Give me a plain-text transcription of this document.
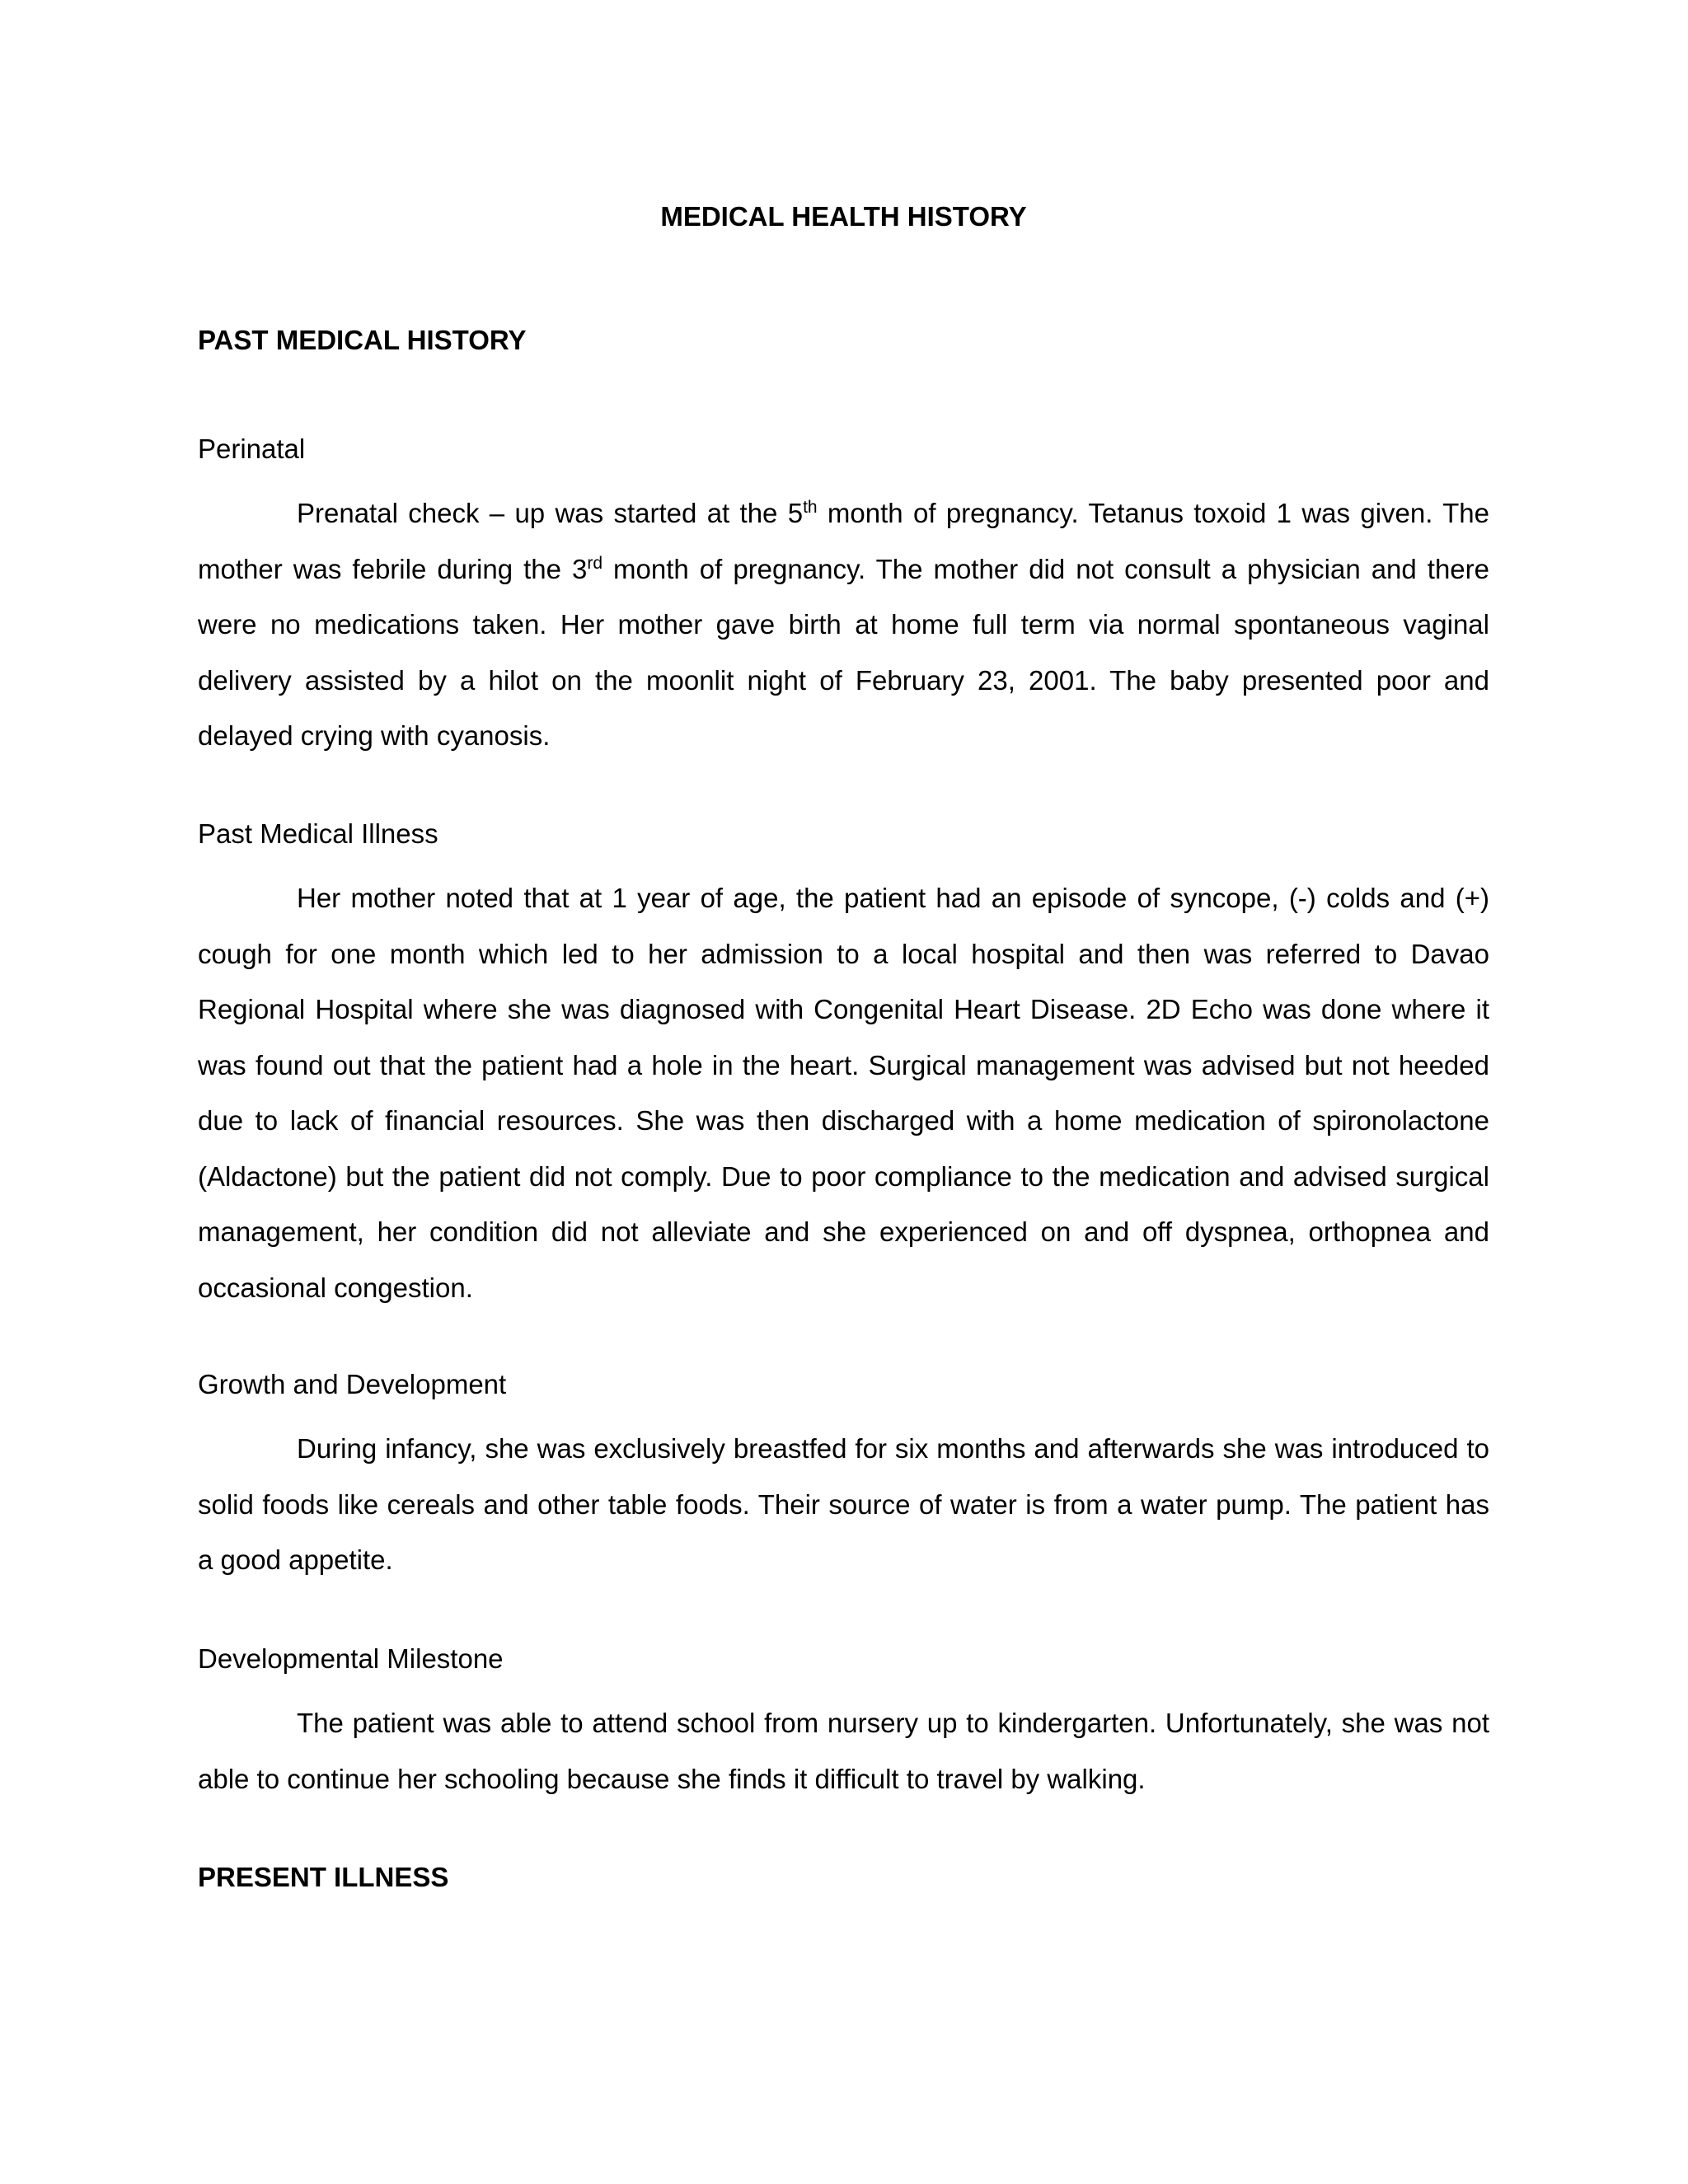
MEDICAL HEALTH HISTORY
PAST MEDICAL HISTORY
Perinatal

Prenatal check – up was started at the 5th month of pregnancy. Tetanus toxoid 1 was given. The mother was febrile during the 3rd month of pregnancy. The mother did not consult a physician and there were no medications taken. Her mother gave birth at home full term via normal spontaneous vaginal delivery assisted by a hilot on the moonlit night of February 23, 2001. The baby presented poor and delayed crying with cyanosis.

Past Medical Illness

Her mother noted that at 1 year of age, the patient had an episode of syncope, (-) colds and (+) cough for one month which led to her admission to a local hospital and then was referred to Davao Regional Hospital where she was diagnosed with Congenital Heart Disease. 2D Echo was done where it was found out that the patient had a hole in the heart. Surgical management was advised but not heeded due to lack of financial resources. She was then discharged with a home medication of spironolactone (Aldactone) but the patient did not comply. Due to poor compliance to the medication and advised surgical management, her condition did not alleviate and she experienced on and off dyspnea, orthopnea and occasional congestion.

Growth and Development

During infancy, she was exclusively breastfed for six months and afterwards she was introduced to solid foods like cereals and other table foods. Their source of water is from a water pump. The patient has a good appetite.

Developmental Milestone

The patient was able to attend school from nursery up to kindergarten. Unfortunately, she was not able to continue her schooling because she finds it difficult to travel by walking.

PRESENT ILLNESS
